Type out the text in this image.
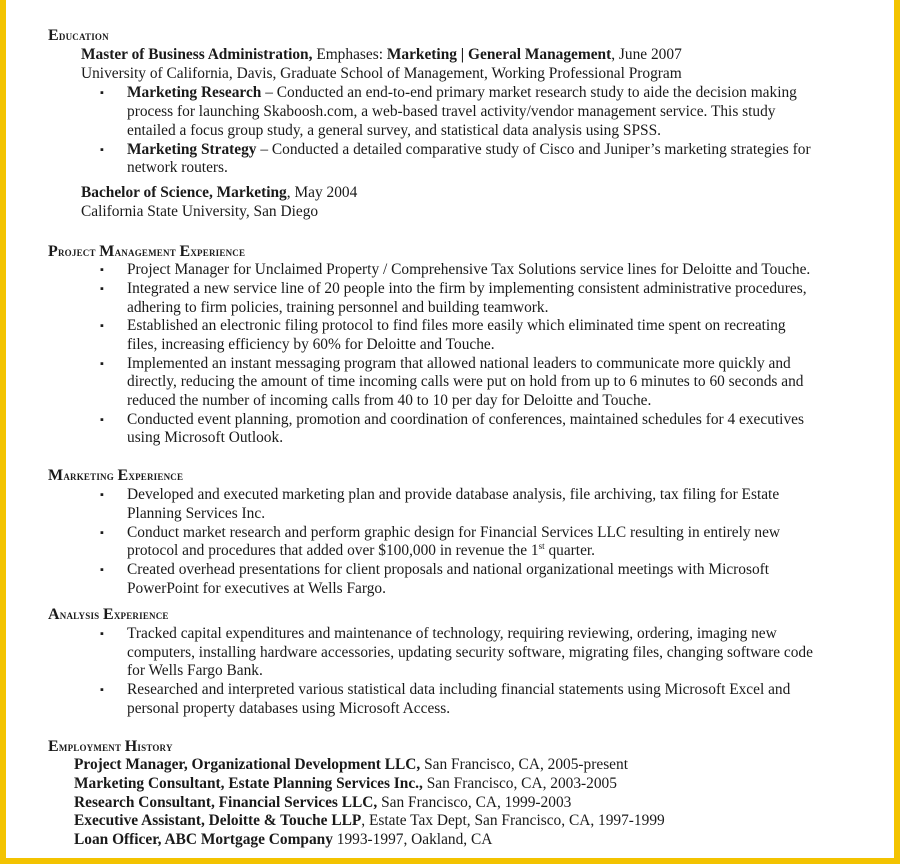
Education
Master of Business Administration, Emphases: Marketing | General Management, June 2007
University of California, Davis, Graduate School of Management, Working Professional Program
▪ Marketing Research – Conducted an end-to-end primary market research study to aide the decision making
process for launching Skaboosh.com, a web-based travel activity/vendor management service. This study
entailed a focus group study, a general survey, and statistical data analysis using SPSS.
▪ Marketing Strategy – Conducted a detailed comparative study of Cisco and Juniper’s marketing strategies for
network routers.
Bachelor of Science, Marketing, May 2004
California State University, San Diego
Project Management Experience
▪ Project Manager for Unclaimed Property / Comprehensive Tax Solutions service lines for Deloitte and Touche.
▪ Integrated a new service line of 20 people into the firm by implementing consistent administrative procedures,
adhering to firm policies, training personnel and building teamwork.
▪ Established an electronic filing protocol to find files more easily which eliminated time spent on recreating
files, increasing efficiency by 60% for Deloitte and Touche.
▪ Implemented an instant messaging program that allowed national leaders to communicate more quickly and
directly, reducing the amount of time incoming calls were put on hold from up to 6 minutes to 60 seconds and
reduced the number of incoming calls from 40 to 10 per day for Deloitte and Touche.
▪ Conducted event planning, promotion and coordination of conferences, maintained schedules for 4 executives
using Microsoft Outlook.
Marketing Experience
▪ Developed and executed marketing plan and provide database analysis, file archiving, tax filing for Estate
Planning Services Inc.
▪ Conduct market research and perform graphic design for Financial Services LLC resulting in entirely new
protocol and procedures that added over $100,000 in revenue the 1st quarter.
▪ Created overhead presentations for client proposals and national organizational meetings with Microsoft
PowerPoint for executives at Wells Fargo.
Analysis Experience
▪ Tracked capital expenditures and maintenance of technology, requiring reviewing, ordering, imaging new
computers, installing hardware accessories, updating security software, migrating files, changing software code
for Wells Fargo Bank.
▪ Researched and interpreted various statistical data including financial statements using Microsoft Excel and
personal property databases using Microsoft Access.
Employment History
Project Manager, Organizational Development LLC, San Francisco, CA, 2005-present
Marketing Consultant, Estate Planning Services Inc., San Francisco, CA, 2003-2005
Research Consultant, Financial Services LLC, San Francisco, CA, 1999-2003
Executive Assistant, Deloitte & Touche LLP, Estate Tax Dept, San Francisco, CA, 1997-1999
Loan Officer, ABC Mortgage Company 1993-1997, Oakland, CA
